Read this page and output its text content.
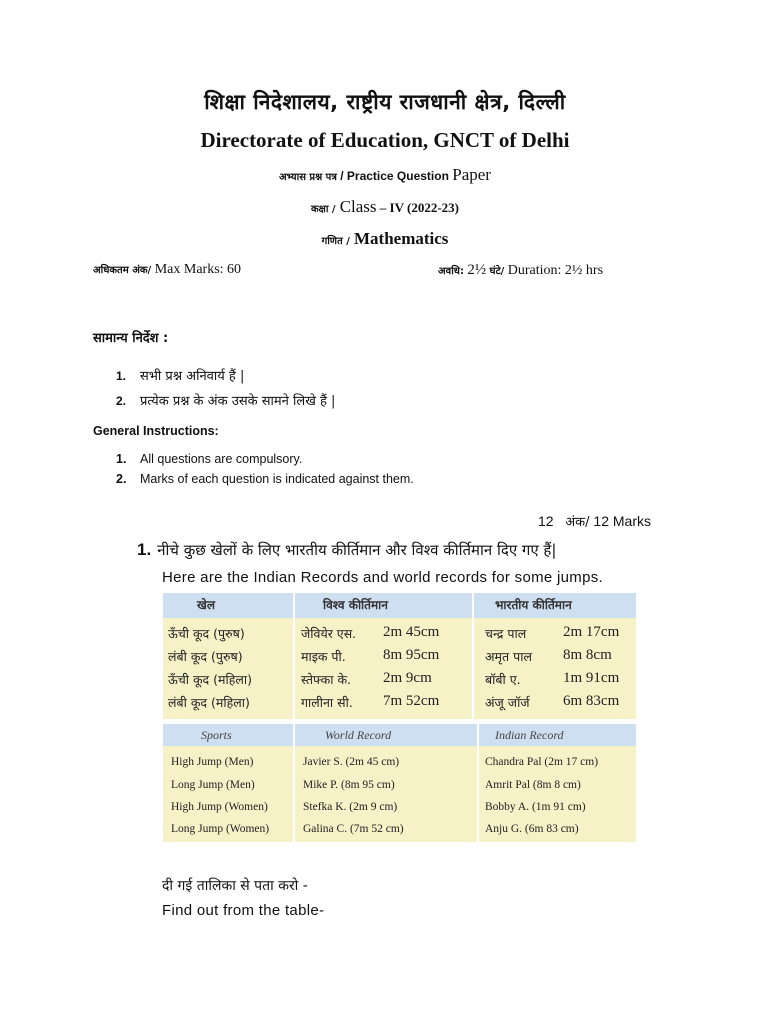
शिक्षा निदेशालय, राष्ट्रीय राजधानी क्षेत्र, दिल्ली
Directorate of Education, GNCT of Delhi
अभ्यास प्रश्न पत्र / Practice Question Paper
कक्षा / Class – IV (2022-23)
गणित / Mathematics
अधिकतम अंक/ Max Marks: 60	अवधि: 2½ घंटे/ Duration: 2½ hrs
सामान्य निर्देश :
1. सभी प्रश्न अनिवार्य हैं |
2. प्रत्येक प्रश्न के अंक उसके सामने लिखे हैं |
General Instructions:
1. All questions are compulsory.
2. Marks of each question is indicated against them.
12 अंक/ 12 Marks
1. नीचे कुछ खेलों के लिए भारतीय कीर्तिमान और विश्व कीर्तिमान दिए गए हैं|
Here are the Indian Records and world records for some jumps.
खेल	विश्व कीर्तिमान	भारतीय कीर्तिमान
ऊँची कूद (पुरुष)	जेवियेर एस. 2m 45cm	चन्द्र पाल 2m 17cm
लंबी कूद (पुरुष)	माइक पी. 8m 95cm	अमृत पाल 8m 8cm
ऊँची कूद (महिला)	स्तेफ्का के. 2m 9cm	बॉबी ए.	1m 91cm
लंबी कूद (महिला)	गालीना सी. 7m 52cm	अंजू जॉर्ज 6m 83cm
Sports	World Record	Indian Record
High Jump (Men)	Javier S. (2m 45 cm)	Chandra Pal (2m 17 cm)
Long Jump (Men)	Mike P. (8m 95 cm)	Amrit Pal (8m 8 cm)
High Jump (Women)	Stefka K. (2m 9 cm)	Bobby A. (1m 91 cm)
Long Jump (Women)	Galina C. (7m 52 cm)	Anju G. (6m 83 cm)
दी गई तालिका से पता करो -
Find out from the table-
